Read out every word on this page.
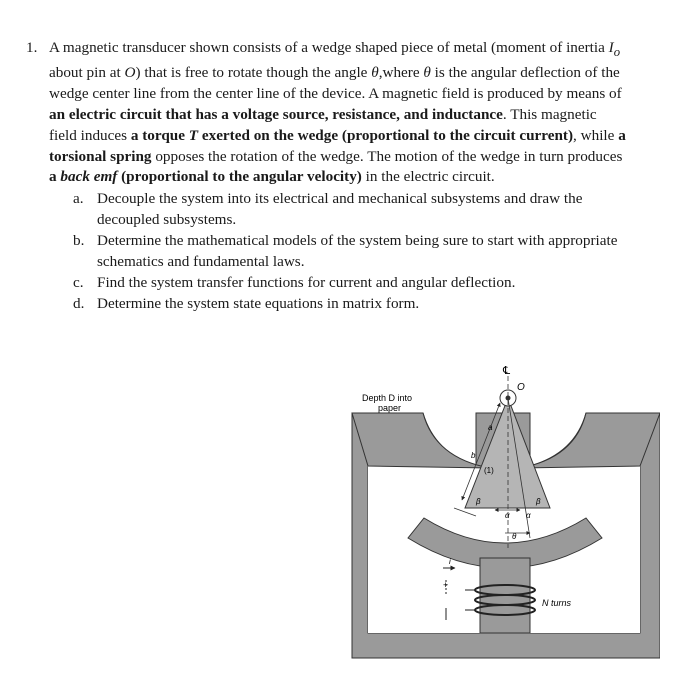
1. A magnetic transducer shown consists of a wedge shaped piece of metal (moment of inertia $I_o$ about pin at O) that is free to rotate though the angle θ,where θ is the angular deflection of the wedge center line from the center line of the device. A magnetic field is produced by means of an electric circuit that has a voltage source, resistance, and inductance. This magnetic field induces a torque T exerted on the wedge (proportional to the circuit current), while a torsional spring opposes the rotation of the wedge. The motion of the wedge in turn produces a back emf (proportional to the angular velocity) in the electric circuit.
a. Decouple the system into its electrical and mechanical subsystems and draw the decoupled subsystems.
b. Determine the mathematical models of the system being sure to start with appropriate schematics and fundamental laws.
c. Find the system transfer functions for current and angular deflection.
d. Determine the system state equations in matrix form.
Depth D into
paper
℄
O
(1)
a
b
β	β
α α
θ
i
+
N turns
